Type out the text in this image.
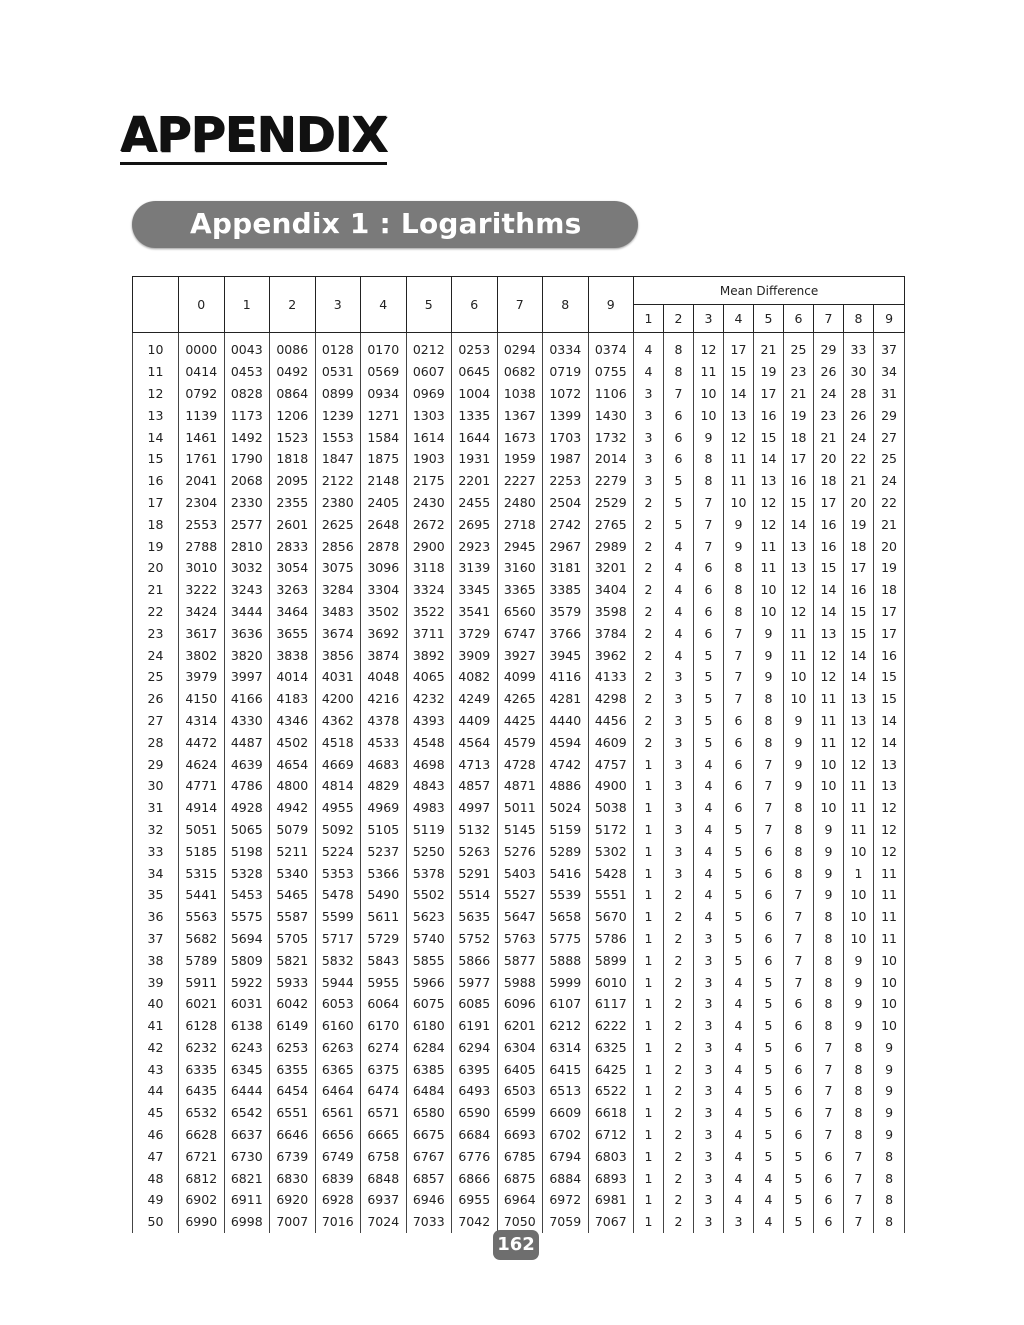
APPENDIX
Appendix 1 : Logarithms
	0	1	2	3	4	5	6	7	8	9	Mean Difference								
											1	2	3	4	5	6	7	8	9
10	0000	0043	0086	0128	0170	0212	0253	0294	0334	0374	4	8	12	17	21	25	29	33	37
11	0414	0453	0492	0531	0569	0607	0645	0682	0719	0755	4	8	11	15	19	23	26	30	34
12	0792	0828	0864	0899	0934	0969	1004	1038	1072	1106	3	7	10	14	17	21	24	28	31
13	1139	1173	1206	1239	1271	1303	1335	1367	1399	1430	3	6	10	13	16	19	23	26	29
14	1461	1492	1523	1553	1584	1614	1644	1673	1703	1732	3	6	9	12	15	18	21	24	27
15	1761	1790	1818	1847	1875	1903	1931	1959	1987	2014	3	6	8	11	14	17	20	22	25
16	2041	2068	2095	2122	2148	2175	2201	2227	2253	2279	3	5	8	11	13	16	18	21	24
17	2304	2330	2355	2380	2405	2430	2455	2480	2504	2529	2	5	7	10	12	15	17	20	22
18	2553	2577	2601	2625	2648	2672	2695	2718	2742	2765	2	5	7	9	12	14	16	19	21
19	2788	2810	2833	2856	2878	2900	2923	2945	2967	2989	2	4	7	9	11	13	16	18	20
20	3010	3032	3054	3075	3096	3118	3139	3160	3181	3201	2	4	6	8	11	13	15	17	19
21	3222	3243	3263	3284	3304	3324	3345	3365	3385	3404	2	4	6	8	10	12	14	16	18
22	3424	3444	3464	3483	3502	3522	3541	6560	3579	3598	2	4	6	8	10	12	14	15	17
23	3617	3636	3655	3674	3692	3711	3729	6747	3766	3784	2	4	6	7	9	11	13	15	17
24	3802	3820	3838	3856	3874	3892	3909	3927	3945	3962	2	4	5	7	9	11	12	14	16
25	3979	3997	4014	4031	4048	4065	4082	4099	4116	4133	2	3	5	7	9	10	12	14	15
26	4150	4166	4183	4200	4216	4232	4249	4265	4281	4298	2	3	5	7	8	10	11	13	15
27	4314	4330	4346	4362	4378	4393	4409	4425	4440	4456	2	3	5	6	8	9	11	13	14
28	4472	4487	4502	4518	4533	4548	4564	4579	4594	4609	2	3	5	6	8	9	11	12	14
29	4624	4639	4654	4669	4683	4698	4713	4728	4742	4757	1	3	4	6	7	9	10	12	13
30	4771	4786	4800	4814	4829	4843	4857	4871	4886	4900	1	3	4	6	7	9	10	11	13
31	4914	4928	4942	4955	4969	4983	4997	5011	5024	5038	1	3	4	6	7	8	10	11	12
32	5051	5065	5079	5092	5105	5119	5132	5145	5159	5172	1	3	4	5	7	8	9	11	12
33	5185	5198	5211	5224	5237	5250	5263	5276	5289	5302	1	3	4	5	6	8	9	10	12
34	5315	5328	5340	5353	5366	5378	5291	5403	5416	5428	1	3	4	5	6	8	9	1	11
35	5441	5453	5465	5478	5490	5502	5514	5527	5539	5551	1	2	4	5	6	7	9	10	11
36	5563	5575	5587	5599	5611	5623	5635	5647	5658	5670	1	2	4	5	6	7	8	10	11
37	5682	5694	5705	5717	5729	5740	5752	5763	5775	5786	1	2	3	5	6	7	8	10	11
38	5789	5809	5821	5832	5843	5855	5866	5877	5888	5899	1	2	3	5	6	7	8	9	10
39	5911	5922	5933	5944	5955	5966	5977	5988	5999	6010	1	2	3	4	5	7	8	9	10
40	6021	6031	6042	6053	6064	6075	6085	6096	6107	6117	1	2	3	4	5	6	8	9	10
41	6128	6138	6149	6160	6170	6180	6191	6201	6212	6222	1	2	3	4	5	6	8	9	10
42	6232	6243	6253	6263	6274	6284	6294	6304	6314	6325	1	2	3	4	5	6	7	8	9
43	6335	6345	6355	6365	6375	6385	6395	6405	6415	6425	1	2	3	4	5	6	7	8	9
44	6435	6444	6454	6464	6474	6484	6493	6503	6513	6522	1	2	3	4	5	6	7	8	9
45	6532	6542	6551	6561	6571	6580	6590	6599	6609	6618	1	2	3	4	5	6	7	8	9
46	6628	6637	6646	6656	6665	6675	6684	6693	6702	6712	1	2	3	4	5	6	7	8	9
47	6721	6730	6739	6749	6758	6767	6776	6785	6794	6803	1	2	3	4	5	5	6	7	8
48	6812	6821	6830	6839	6848	6857	6866	6875	6884	6893	1	2	3	4	4	5	6	7	8
49	6902	6911	6920	6928	6937	6946	6955	6964	6972	6981	1	2	3	4	4	5	6	7	8
50	6990	6998	7007	7016	7024	7033	7042	7050	7059	7067	1	2	3	3	4	5	6	7	8
162
